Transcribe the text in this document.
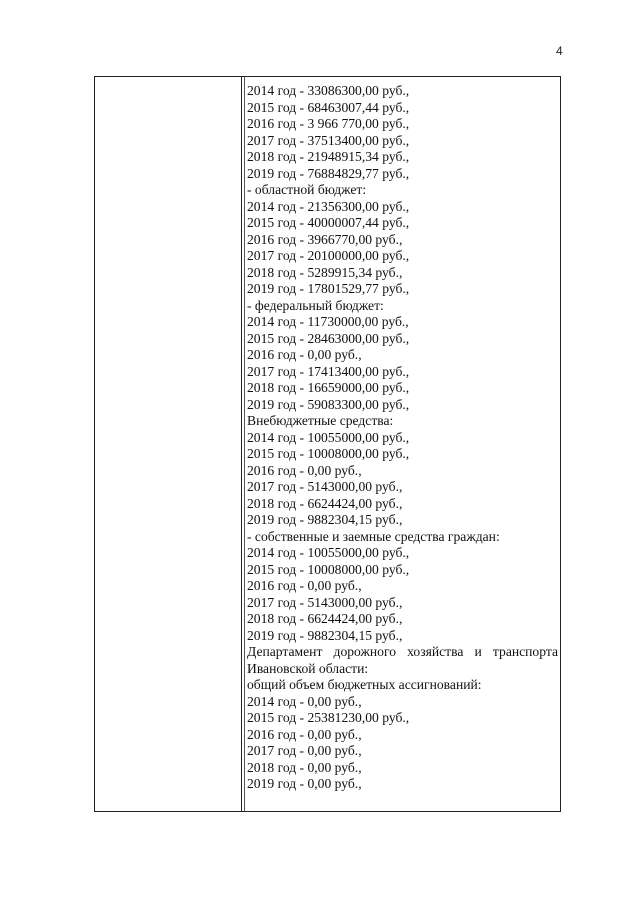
4
2014 год - 33086300,00 руб.,
2015 год - 68463007,44 руб.,
2016 год - 3 966 770,00 руб.,
2017 год - 37513400,00 руб.,
2018 год - 21948915,34 руб.,
2019 год - 76884829,77 руб.,
- областной бюджет:
2014 год - 21356300,00 руб.,
2015 год - 40000007,44 руб.,
2016 год - 3966770,00 руб.,
2017 год - 20100000,00 руб.,
2018 год - 5289915,34 руб.,
2019 год - 17801529,77 руб.,
- федеральный бюджет:
2014 год - 11730000,00 руб.,
2015 год - 28463000,00 руб.,
2016 год - 0,00 руб.,
2017 год - 17413400,00 руб.,
2018 год - 16659000,00 руб.,
2019 год - 59083300,00 руб.,
Внебюджетные средства:
2014 год - 10055000,00 руб.,
2015 год - 10008000,00 руб.,
2016 год - 0,00 руб.,
2017 год - 5143000,00 руб.,
2018 год - 6624424,00 руб.,
2019 год - 9882304,15 руб.,
- собственные и заемные средства граждан:
2014 год - 10055000,00 руб.,
2015 год - 10008000,00 руб.,
2016 год - 0,00 руб.,
2017 год - 5143000,00 руб.,
2018 год - 6624424,00 руб.,
2019 год - 9882304,15 руб.,
Департамент дорожного хозяйства и транспорта
Ивановской области:
общий объем бюджетных ассигнований:
2014 год - 0,00 руб.,
2015 год - 25381230,00 руб.,
2016 год - 0,00 руб.,
2017 год - 0,00 руб.,
2018 год - 0,00 руб.,
2019 год - 0,00 руб.,
